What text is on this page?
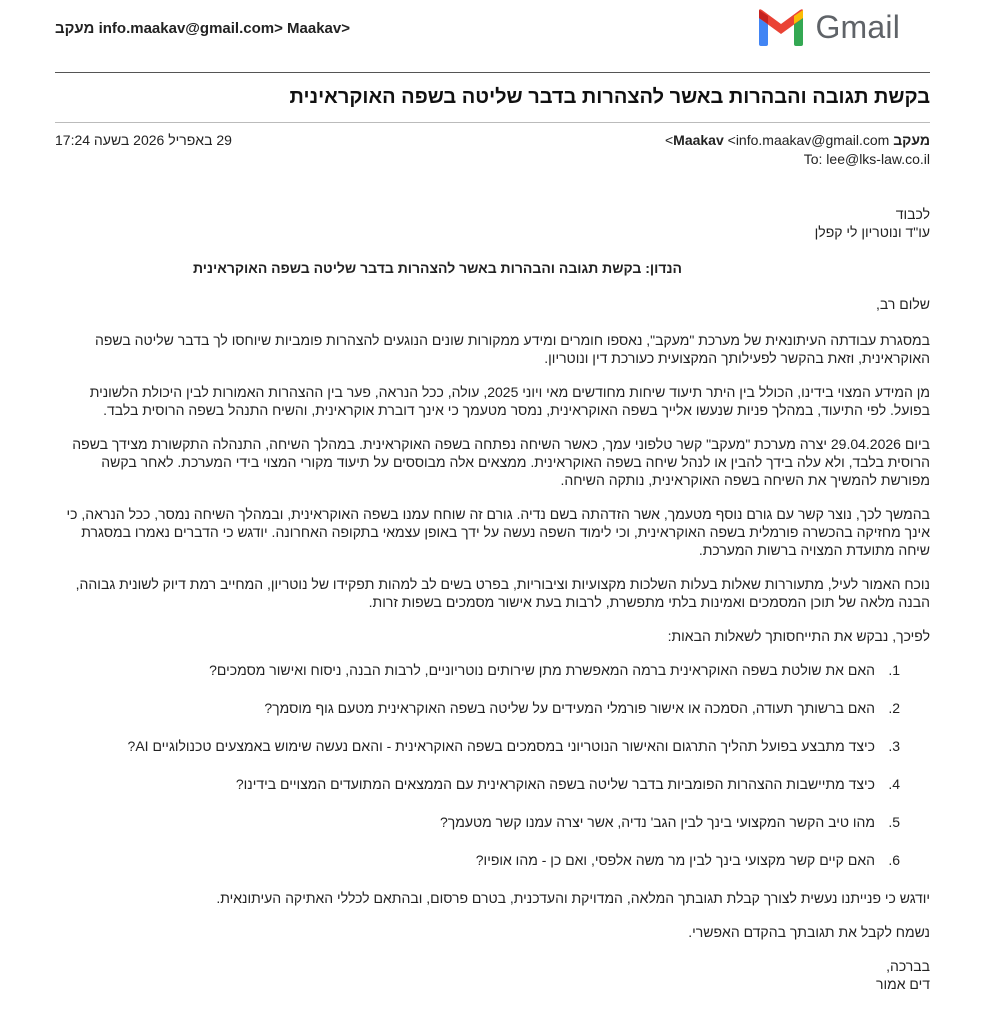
<info.maakav@gmail.com> Maakav מעקב	Gmail
בקשת תגובה והבהרות באשר להצהרות בדבר שליטה בשפה האוקראינית
29 באפריל 2026 בשעה 17:24	מעקב Maakav <info.maakav@gmail.com>
To: lee@lks-law.co.il

לכבוד

עו"ד ונוטריון לי קפלן

הנדון: בקשת תגובה והבהרות באשר להצהרות בדבר שליטה בשפה האוקראינית

שלום רב,

במסגרת עבודתה העיתונאית של מערכת "מעקב", נאספו חומרים ומידע ממקורות שונים הנוגעים להצהרות פומביות שיוחסו לך בדבר שליטה בשפה האוקראינית, וזאת בהקשר לפעילותך המקצועית כעורכת דין ונוטריון.

מן המידע המצוי בידינו, הכולל בין היתר תיעוד שיחות מחודשים מאי ויוני 2025, עולה, ככל הנראה, פער בין ההצהרות האמורות לבין היכולת הלשונית בפועל. לפי התיעוד, במהלך פניות שנעשו אלייך בשפה האוקראינית, נמסר מטעמך כי אינך דוברת אוקראינית, והשיח התנהל בשפה הרוסית בלבד.

ביום 29.04.2026 יצרה מערכת "מעקב" קשר טלפוני עמך, כאשר השיחה נפתחה בשפה האוקראינית. במהלך השיחה, התנהלה התקשורת מצידך בשפה הרוסית בלבד, ולא עלה בידך להבין או לנהל שיחה בשפה האוקראינית. ממצאים אלה מבוססים על תיעוד מקורי המצוי בידי המערכת. לאחר בקשה מפורשת להמשיך את השיחה בשפה האוקראינית, נותקה השיחה.

בהמשך לכך, נוצר קשר עם גורם נוסף מטעמך, אשר הזדהתה בשם נדיה. גורם זה שוחח עמנו בשפה האוקראינית, ובמהלך השיחה נמסר, ככל הנראה, כי אינך מחזיקה בהכשרה פורמלית בשפה האוקראינית, וכי לימוד השפה נעשה על ידך באופן עצמאי בתקופה האחרונה. יודגש כי הדברים נאמרו במסגרת שיחה מתועדת המצויה ברשות המערכת.

נוכח האמור לעיל, מתעוררות שאלות בעלות השלכות מקצועיות וציבוריות, בפרט בשים לב למהות תפקידו של נוטריון, המחייב רמת דיוק לשונית גבוהה, הבנה מלאה של תוכן המסמכים ואמינות בלתי מתפשרת, לרבות בעת אישור מסמכים בשפות זרות.

לפיכך, נבקש את התייחסותך לשאלות הבאות:

1.
האם את שולטת בשפה האוקראינית ברמה המאפשרת מתן שירותים נוטריוניים, לרבות הבנה, ניסוח ואישור מסמכים?
2.
האם ברשותך תעודה, הסמכה או אישור פורמלי המעידים על שליטה בשפה האוקראינית מטעם גוף מוסמך?
3.
כיצד מתבצע בפועל תהליך התרגום והאישור הנוטריוני במסמכים בשפה האוקראינית - והאם נעשה שימוש באמצעים טכנולוגיים AI?
4.
כיצד מתיישבות ההצהרות הפומביות בדבר שליטה בשפה האוקראינית עם הממצאים המתועדים המצויים בידינו?
5.
מהו טיב הקשר המקצועי בינך לבין הגב' נדיה, אשר יצרה עמנו קשר מטעמך?
6.
האם קיים קשר מקצועי בינך לבין מר משה אלפסי, ואם כן - מהו אופיו?

יודגש כי פנייתנו נעשית לצורך קבלת תגובתך המלאה, המדויקת והעדכנית, בטרם פרסום, ובהתאם לכללי האתיקה העיתונאית.

נשמח לקבל את תגובתך בהקדם האפשרי.

בברכה,

דים אמור
